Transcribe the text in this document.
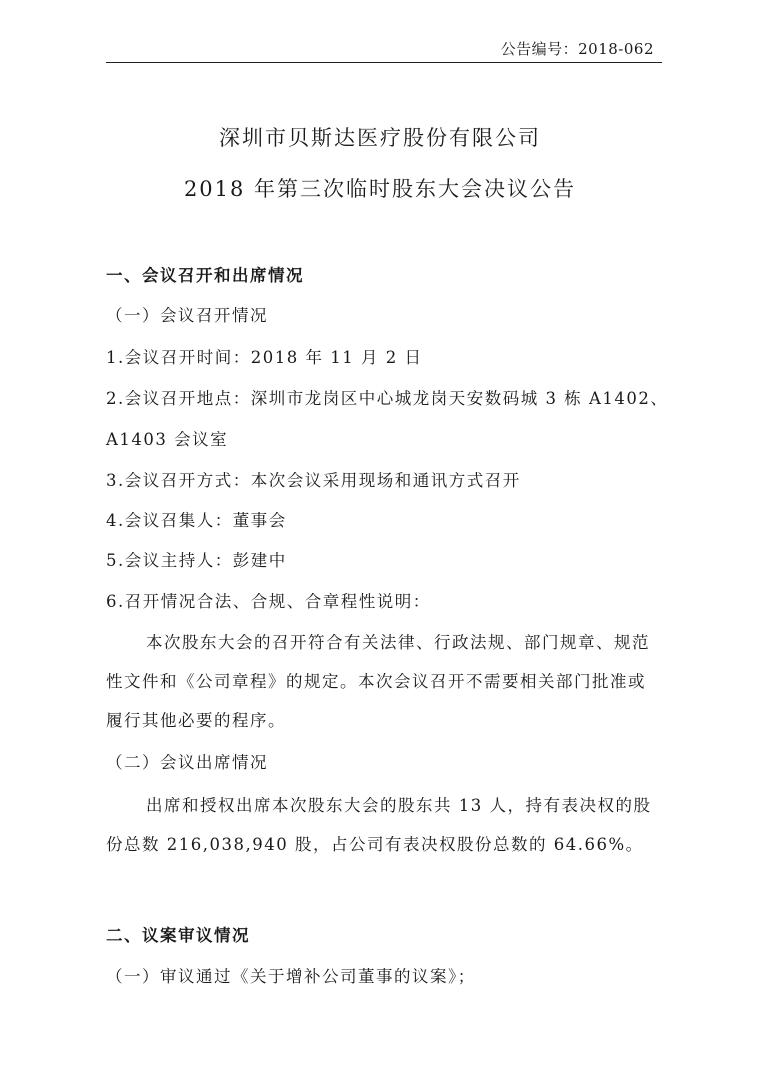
公告编号：2018-062
深圳市贝斯达医疗股份有限公司
2018 年第三次临时股东大会决议公告
一、会议召开和出席情况
（一）会议召开情况
1.会议召开时间：2018 年 11 月 2 日
2.会议召开地点：深圳市龙岗区中心城龙岗天安数码城 3 栋 A1402、
A1403 会议室
3.会议召开方式：本次会议采用现场和通讯方式召开
4.会议召集人：董事会
5.会议主持人：彭建中
6.召开情况合法、合规、合章程性说明：
本次股东大会的召开符合有关法律、行政法规、部门规章、规范
性文件和《公司章程》的规定。本次会议召开不需要相关部门批准或
履行其他必要的程序。
（二）会议出席情况
出席和授权出席本次股东大会的股东共 13 人，持有表决权的股
份总数 216,038,940 股，占公司有表决权股份总数的 64.66%。
二、议案审议情况
（一）审议通过《关于增补公司董事的议案》；
